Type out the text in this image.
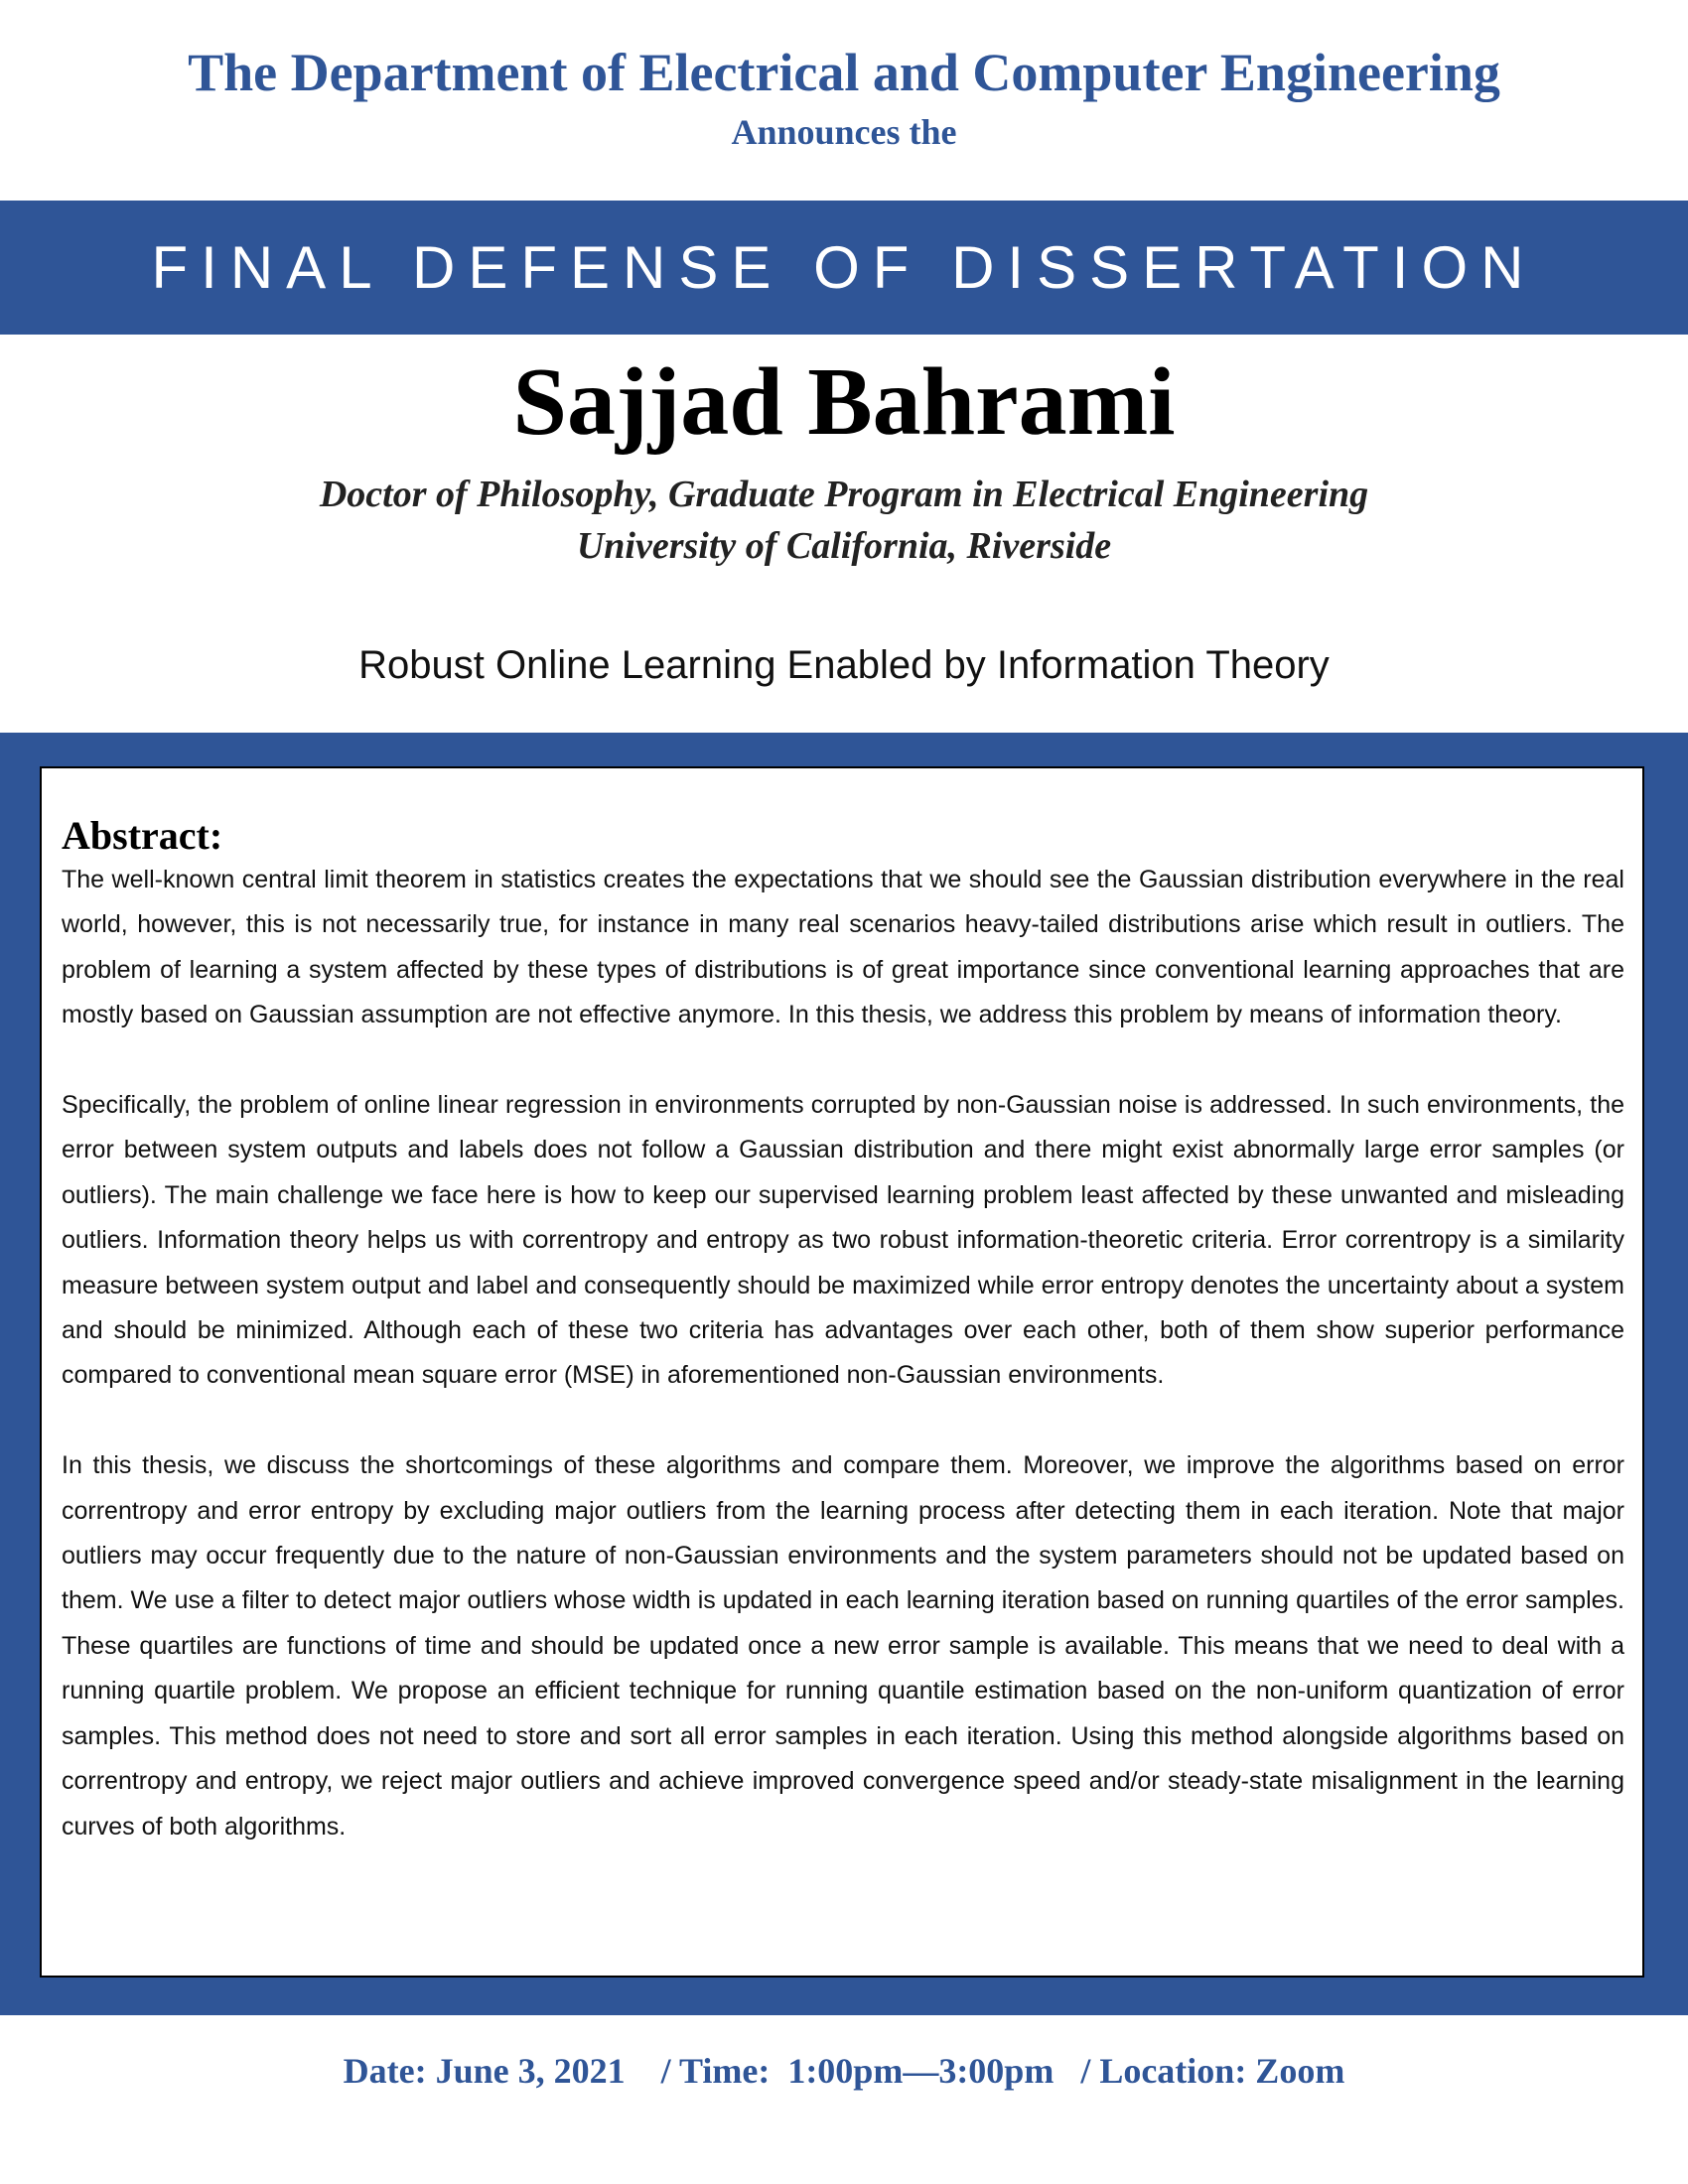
The Department of Electrical and Computer Engineering
Announces the
FINAL DEFENSE OF DISSERTATION
Sajjad Bahrami
Doctor of Philosophy, Graduate Program in Electrical Engineering
University of California, Riverside
Robust Online Learning Enabled by Information Theory
Abstract:

The well-known central limit theorem in statistics creates the expectations that we should see the Gaussian distribution everywhere in the real world, however, this is not necessarily true, for instance in many real scenarios heavy-tailed distributions arise which result in outliers. The problem of learning a system affected by these types of distributions is of great importance since conventional learning approaches that are mostly based on Gaussian assumption are not effective anymore. In this thesis, we address this problem by means of information theory.

Specifically, the problem of online linear regression in environments corrupted by non-Gaussian noise is addressed. In such environments, the error between system outputs and labels does not follow a Gaussian distribution and there might exist abnormally large error samples (or outliers). The main challenge we face here is how to keep our supervised learning problem least affected by these unwanted and misleading outliers. Information theory helps us with correntropy and entropy as two robust information-theoretic criteria. Error correntropy is a similarity measure between system output and label and consequently should be maximized while error entropy denotes the uncertainty about a system and should be minimized. Although each of these two criteria has advantages over each other, both of them show superior performance compared to conventional mean square error (MSE) in aforementioned non-Gaussian environments.

In this thesis, we discuss the shortcomings of these algorithms and compare them. Moreover, we improve the algorithms based on error correntropy and error entropy by excluding major outliers from the learning process after detecting them in each iteration. Note that major outliers may occur frequently due to the nature of non-Gaussian environments and the system parameters should not be updated based on them. We use a filter to detect major outliers whose width is updated in each learning iteration based on running quartiles of the error samples. These quartiles are functions of time and should be updated once a new error sample is available. This means that we need to deal with a running quartile problem. We propose an efficient technique for running quantile estimation based on the non-uniform quantization of error samples. This method does not need to store and sort all error samples in each iteration. Using this method alongside algorithms based on correntropy and entropy, we reject major outliers and achieve improved convergence speed and/or steady-state misalignment in the learning curves of both algorithms.

Date: June 3, 2021    / Time:  1:00pm—3:00pm   / Location: Zoom
